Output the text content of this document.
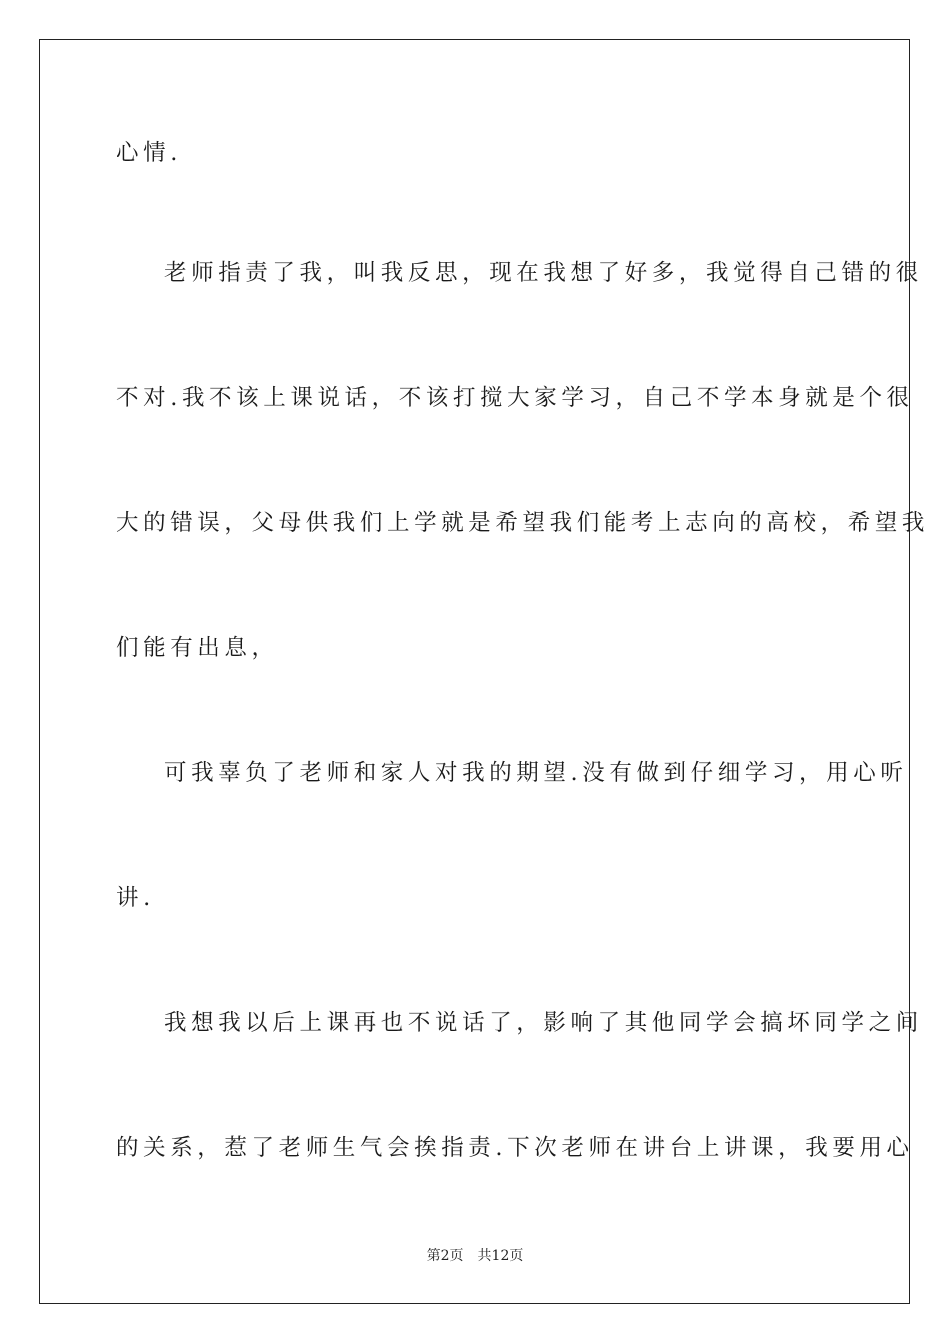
心情.
老师指责了我，叫我反思，现在我想了好多，我觉得自己错的很
不对.我不该上课说话，不该打搅大家学习，自己不学本身就是个很
大的错误，父母供我们上学就是希望我们能考上志向的高校，希望我
们能有出息，
可我辜负了老师和家人对我的期望.没有做到仔细学习，用心听
讲.
我想我以后上课再也不说话了，影响了其他同学会搞坏同学之间
的关系，惹了老师生气会挨指责.下次老师在讲台上讲课，我要用心
第2页 共12页
